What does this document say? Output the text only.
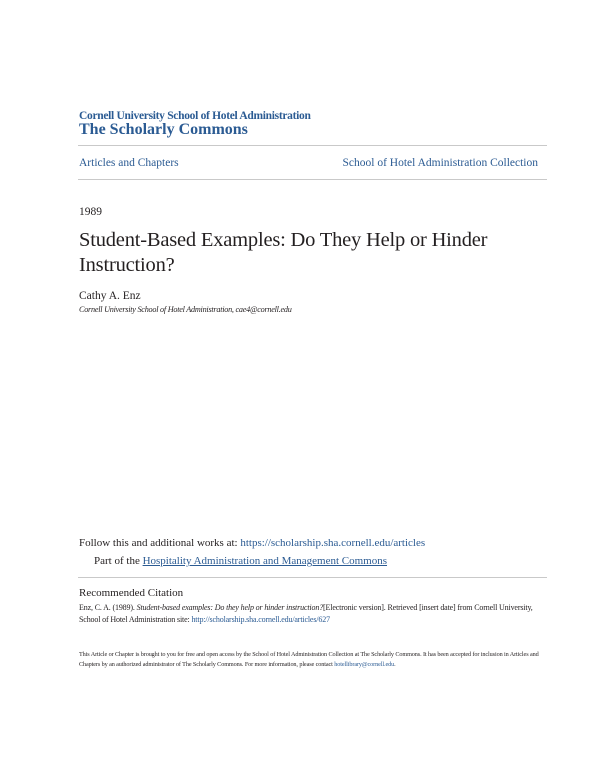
Cornell University School of Hotel Administration
The Scholarly Commons
Articles and Chapters	School of Hotel Administration Collection
1989
Student-Based Examples: Do They Help or Hinder Instruction?
Cathy A. Enz
Cornell University School of Hotel Administration, cae4@cornell.edu
Follow this and additional works at: https://scholarship.sha.cornell.edu/articles
Part of the Hospitality Administration and Management Commons
Recommended Citation
Enz, C. A. (1989). Student-based examples: Do they help or hinder instruction?[Electronic version]. Retrieved [insert date] from Cornell University, School of Hotel Administration site: http://scholarship.sha.cornell.edu/articles/627
This Article or Chapter is brought to you for free and open access by the School of Hotel Administration Collection at The Scholarly Commons. It has been accepted for inclusion in Articles and Chapters by an authorized administrator of The Scholarly Commons. For more information, please contact hotellibrary@cornell.edu.
